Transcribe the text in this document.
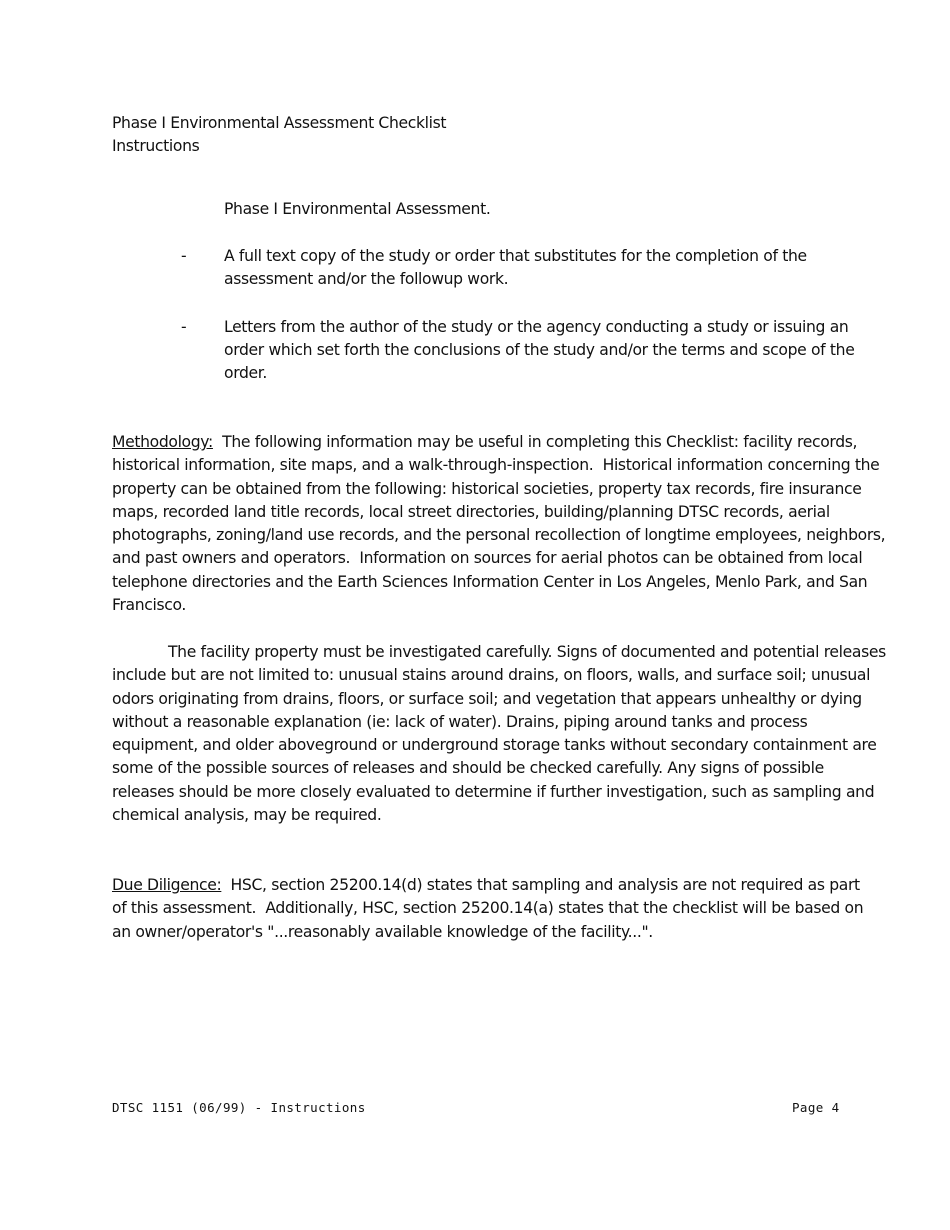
Phase I Environmental Assessment Checklist
Instructions
Phase I Environmental Assessment.
- A full text copy of the study or order that substitutes for the completion of the assessment and/or the followup work.
- Letters from the author of the study or the agency conducting a study or issuing an order which set forth the conclusions of the study and/or the terms and scope of the order.

Methodology:  The following information may be useful in completing this Checklist: facility records, historical information, site maps, and a walk-through-inspection.  Historical information concerning the property can be obtained from the following: historical societies, property tax records, fire insurance maps, recorded land title records, local street directories, building/planning DTSC records, aerial photographs, zoning/land use records, and the personal recollection of longtime employees, neighbors, and past owners and operators.  Information on sources for aerial photos can be obtained from local telephone directories and the Earth Sciences Information Center in Los Angeles, Menlo Park, and San Francisco.

The facility property must be investigated carefully. Signs of documented and potential releases include but are not limited to: unusual stains around drains, on floors, walls, and surface soil; unusual odors originating from drains, floors, or surface soil; and vegetation that appears unhealthy or dying without a reasonable explanation (ie: lack of water). Drains, piping around tanks and process equipment, and older aboveground or underground storage tanks without secondary containment are some of the possible sources of releases and should be checked carefully. Any signs of possible releases should be more closely evaluated to determine if further investigation, such as sampling and chemical analysis, may be required.

Due Diligence:  HSC, section 25200.14(d) states that sampling and analysis are not required as part of this assessment.  Additionally, HSC, section 25200.14(a) states that the checklist will be based on an owner/operator's "...reasonably available knowledge of the facility...".

DTSC 1151 (06/99) - Instructions	Page 4
